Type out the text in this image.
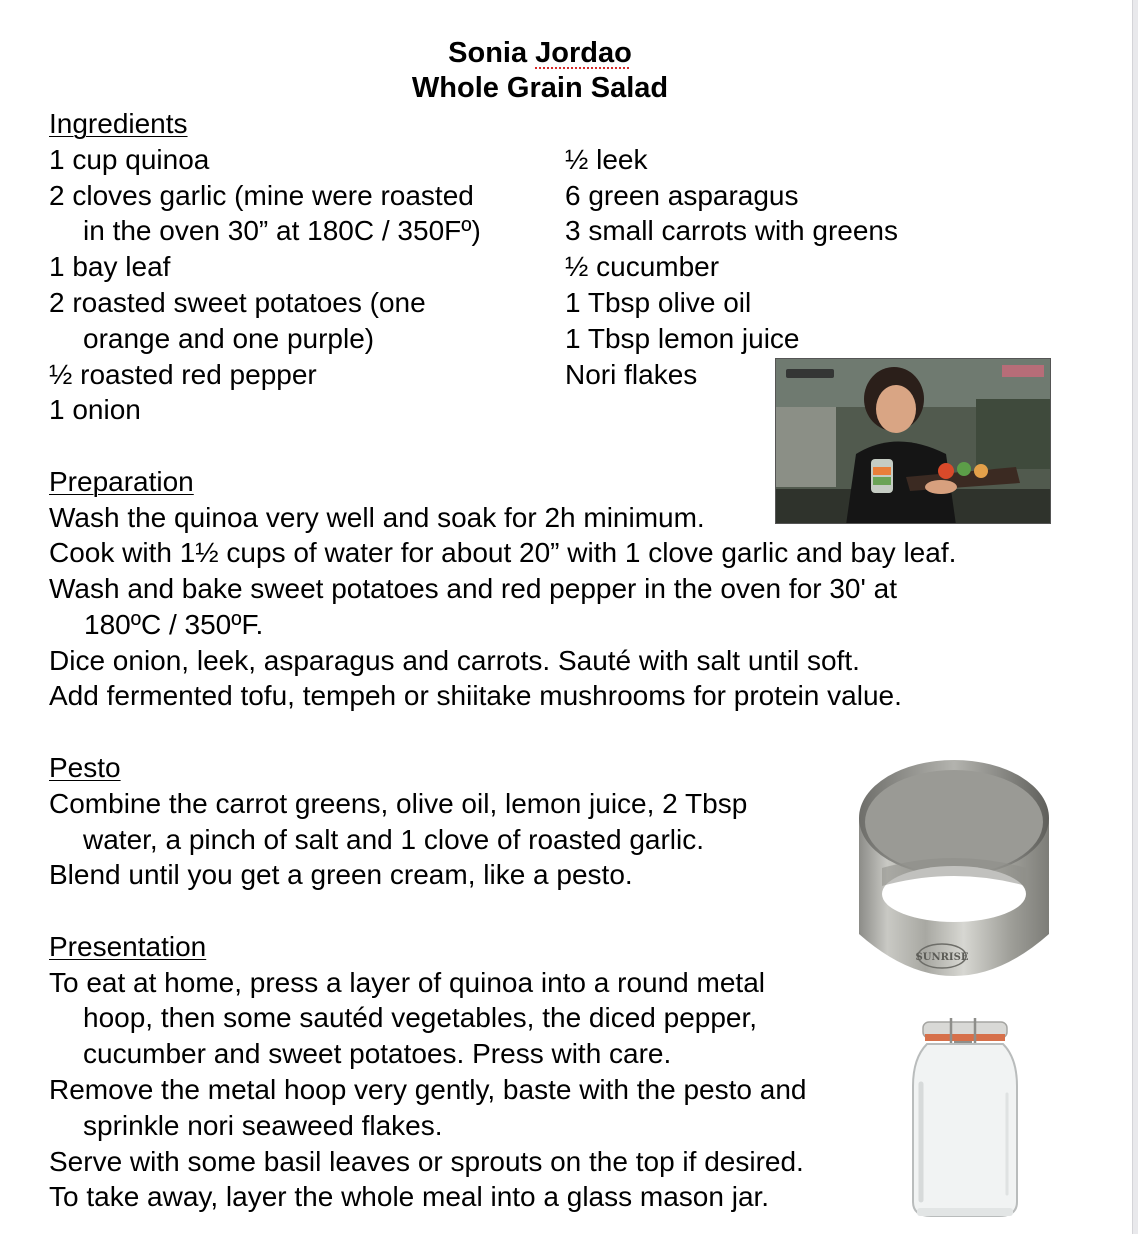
Sonia Jordao
Whole Grain Salad
Ingredients
1 cup quinoa
2 cloves garlic (mine were roasted
in the oven 30” at 180C / 350Fº)
1 bay leaf
2 roasted sweet potatoes (one
orange and one purple)
½ roasted red pepper
1 onion
½ leek
6 green asparagus
3 small carrots with greens
½ cucumber
1 Tbsp olive oil
1 Tbsp lemon juice
Nori flakes
Preparation
Wash the quinoa very well and soak for 2h minimum.
Cook with 1½ cups of water for about 20” with 1 clove garlic and bay leaf.
Wash and bake sweet potatoes and red pepper in the oven for 30' at
180ºC / 350ºF.
Dice onion, leek, asparagus and carrots. Sauté with salt until soft.
Add fermented tofu, tempeh or shiitake mushrooms for protein value.
Pesto
Combine the carrot greens, olive oil, lemon juice, 2 Tbsp
water, a pinch of salt and 1 clove of roasted garlic.
Blend until you get a green cream, like a pesto.
SUNRISE
Presentation
To eat at home, press a layer of quinoa into a round metal
hoop, then some sautéd vegetables, the diced pepper,
cucumber and sweet potatoes. Press with care.
Remove the metal hoop very gently, baste with the pesto and
sprinkle nori seaweed flakes.
Serve with some basil leaves or sprouts on the top if desired.
To take away, layer the whole meal into a glass mason jar.
